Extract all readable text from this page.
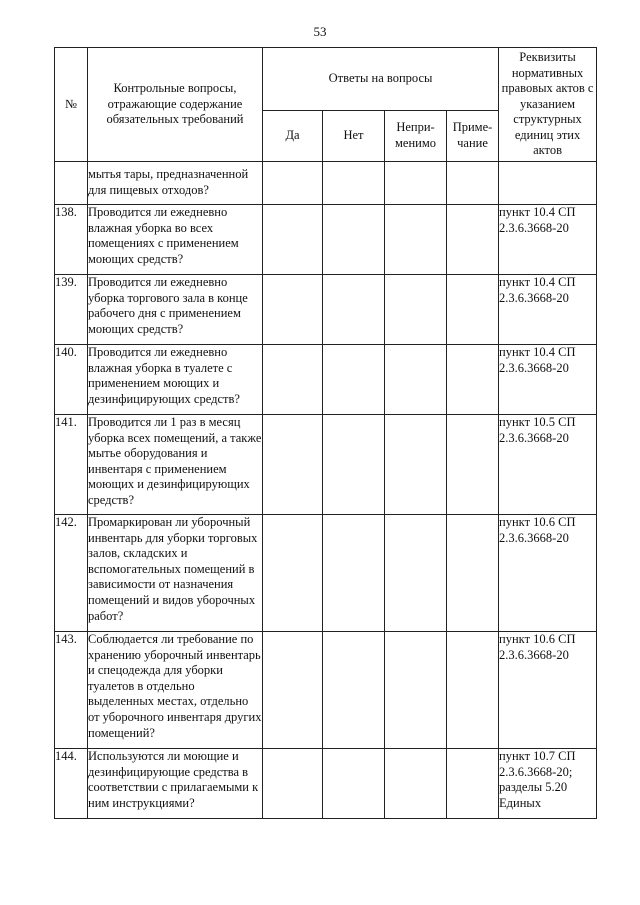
53
№	Контрольные вопросы, отражающие содержание обязательных требований	Ответы на вопросы				Реквизиты нормативных правовых актов с указанием структурных единиц этих актов
		Да	Нет	Непри-менимо	Приме-чание	
	мытья тары, предназначенной для пищевых отходов?					
138.	Проводится ли ежедневно влажная уборка во всех помещениях с применением моющих средств?					пункт 10.4 СП 2.3.6.3668-20
139.	Проводится ли ежедневно уборка торгового зала в конце рабочего дня с применением моющих средств?					пункт 10.4 СП 2.3.6.3668-20
140.	Проводится ли ежедневно влажная уборка в туалете с применением моющих и дезинфицирующих средств?					пункт 10.4 СП 2.3.6.3668-20
141.	Проводится ли 1 раз в месяц уборка всех помещений, а также мытье оборудования и инвентаря с применением моющих и дезинфицирующих средств?					пункт 10.5 СП 2.3.6.3668-20
142.	Промаркирован ли уборочный инвентарь для уборки торговых залов, складских и вспомогательных помещений в зависимости от назначения помещений и видов уборочных работ?					пункт 10.6 СП 2.3.6.3668-20
143.	Соблюдается ли требование по хранению уборочный инвентарь и спецодежда для уборки туалетов в отдельно выделенных местах, отдельно от уборочного инвентаря других помещений?					пункт 10.6 СП 2.3.6.3668-20
144.	Используются ли моющие и дезинфицирующие средства в соответствии с прилагаемыми к ним инструкциями?					пункт 10.7 СП 2.3.6.3668-20; разделы 5.20 Единых
